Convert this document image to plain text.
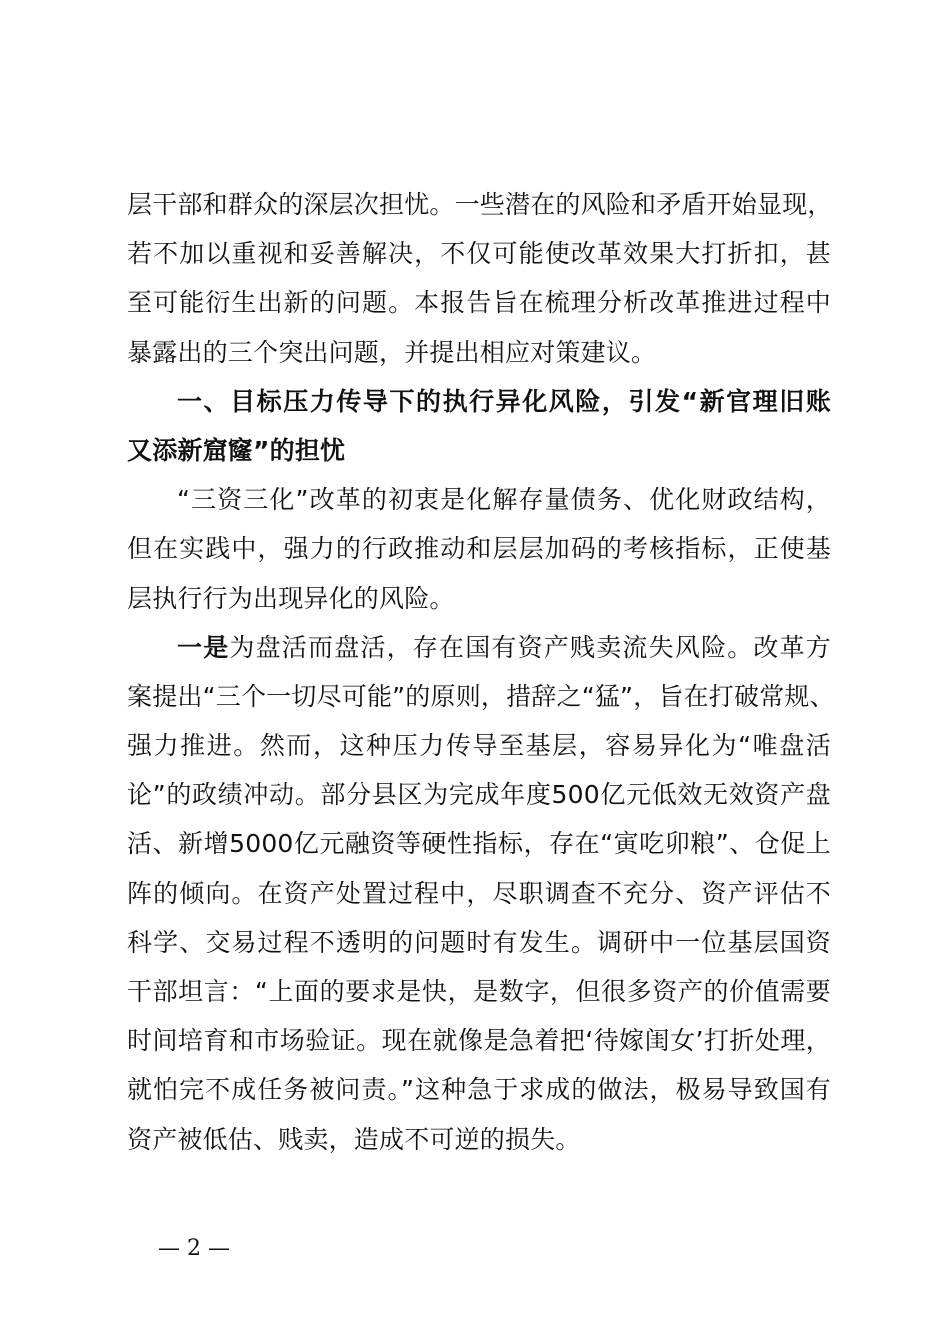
层干部和群众的深层次担忧。一些潜在的风险和矛盾开始显现，
若不加以重视和妥善解决，不仅可能使改革效果大打折扣，甚
至可能衍生出新的问题。本报告旨在梳理分析改革推进过程中
暴露出的三个突出问题，并提出相应对策建议。
一、目标压力传导下的执行异化风险，引发“新官理旧账
又添新窟窿”的担忧
“三资三化”改革的初衷是化解存量债务、优化财政结构，
但在实践中，强力的行政推动和层层加码的考核指标，正使基
层执行行为出现异化的风险。
一是为盘活而盘活，存在国有资产贱卖流失风险。改革方
案提出“三个一切尽可能”的原则，措辞之“猛”，旨在打破常规、
强力推进。然而，这种压力传导至基层，容易异化为“唯盘活
论”的政绩冲动。部分县区为完成年度500亿元低效无效资产盘
活、新增5000亿元融资等硬性指标，存在“寅吃卯粮”、仓促上
阵的倾向。在资产处置过程中，尽职调查不充分、资产评估不
科学、交易过程不透明的问题时有发生。调研中一位基层国资
干部坦言：“上面的要求是快，是数字，但很多资产的价值需要
时间培育和市场验证。现在就像是急着把‘待嫁闺女’打折处理，
就怕完不成任务被问责。”这种急于求成的做法，极易导致国有
资产被低估、贱卖，造成不可逆的损失。
— 2 —
